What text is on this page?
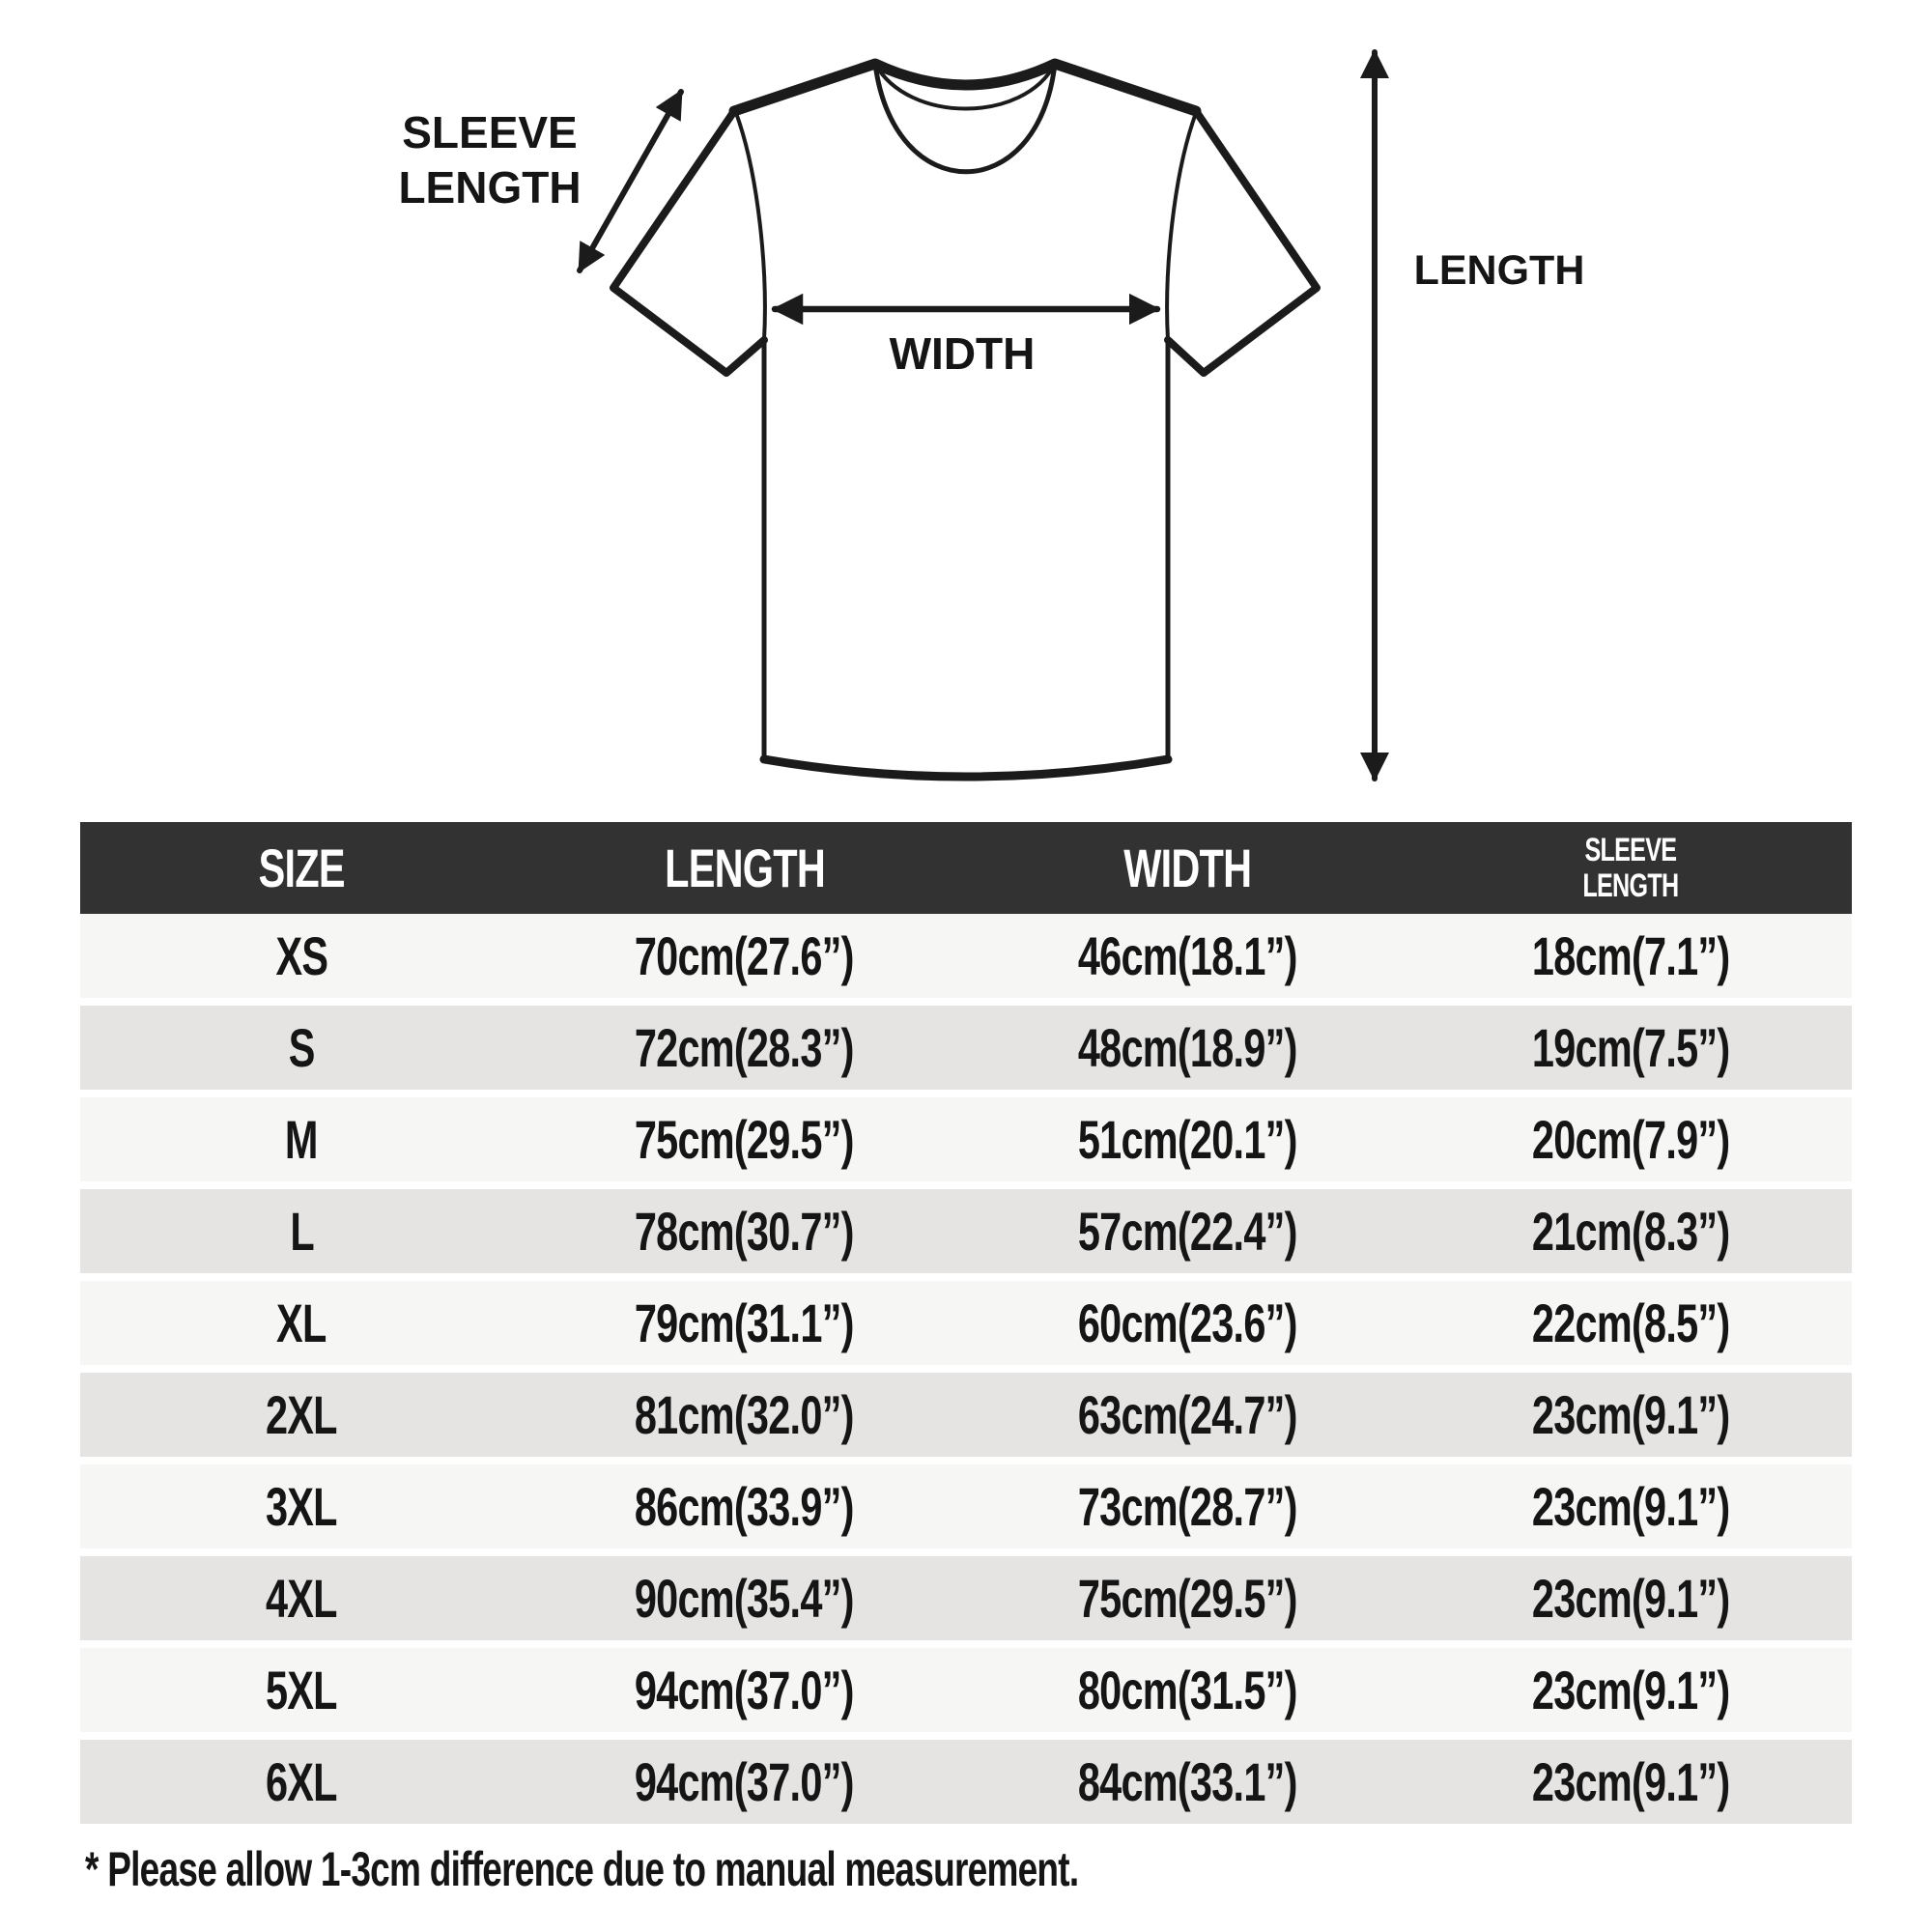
SLEEVE
LENGTH
WIDTH
LENGTH
SIZE	LENGTH	WIDTH	SLEEVE
LENGTH
XS	70cm(27.6”)	46cm(18.1”)	18cm(7.1”)
S	72cm(28.3”)	48cm(18.9”)	19cm(7.5”)
M	75cm(29.5”)	51cm(20.1”)	20cm(7.9”)
L	78cm(30.7”)	57cm(22.4”)	21cm(8.3”)
XL	79cm(31.1”)	60cm(23.6”)	22cm(8.5”)
2XL	81cm(32.0”)	63cm(24.7”)	23cm(9.1”)
3XL	86cm(33.9”)	73cm(28.7”)	23cm(9.1”)
4XL	90cm(35.4”)	75cm(29.5”)	23cm(9.1”)
5XL	94cm(37.0”)	80cm(31.5”)	23cm(9.1”)
6XL	94cm(37.0”)	84cm(33.1”)	23cm(9.1”)
* Please allow 1-3cm difference due to manual measurement.
